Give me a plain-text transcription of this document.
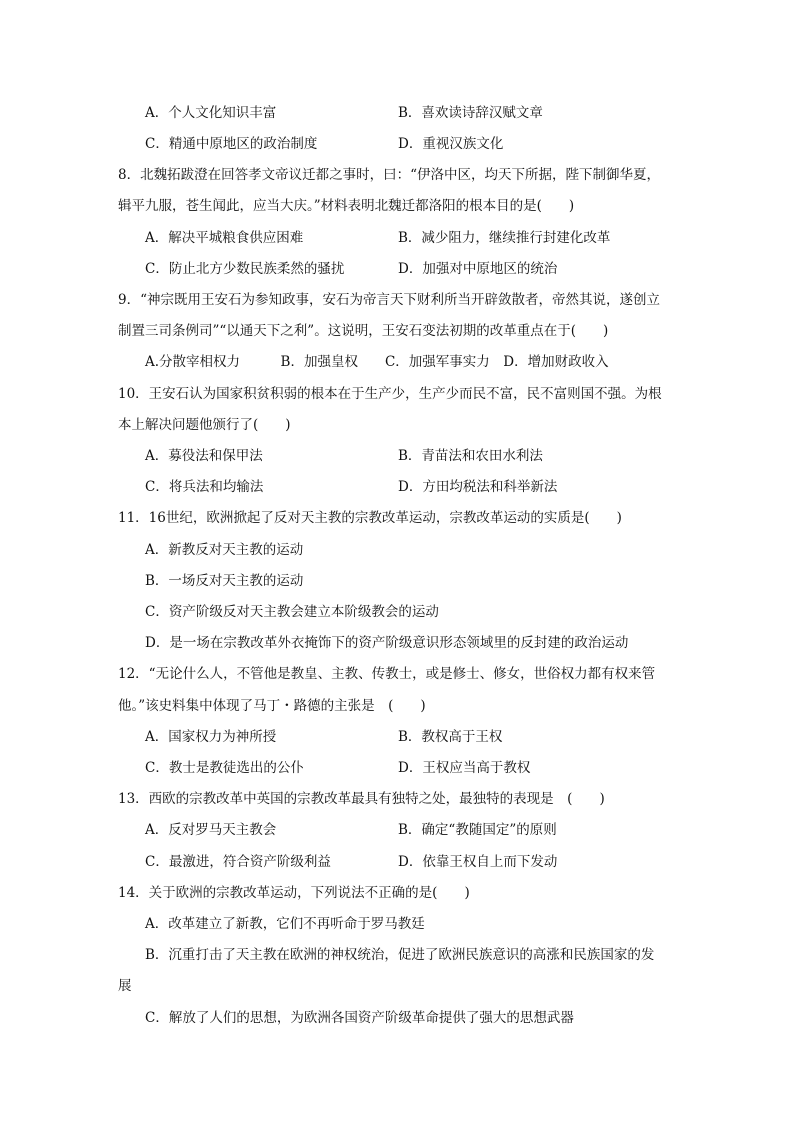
A．个人文化知识丰富	B．喜欢读诗辞汉赋文章
C．精通中原地区的政治制度	D．重视汉族文化
8．北魏拓跋澄在回答孝文帝议迁都之事时，曰：“伊洛中区，均天下所据，陛下制御华夏，
辑平九服，苍生闻此，应当大庆。”材料表明北魏迁都洛阳的根本目的是(　　)
A．解决平城粮食供应困难	B．减少阻力，继续推行封建化改革
C．防止北方少数民族柔然的骚扰	D．加强对中原地区的统治
9．“神宗既用王安石为参知政事，安石为帝言天下财利所当开辟敛散者，帝然其说，遂创立
制置三司条例司”“以通天下之利”。这说明，王安石变法初期的改革重点在于(　　)
A.分散宰相权力　　　B．加强皇权　　C．加强军事实力　D．增加财政收入
10．王安石认为国家积贫积弱的根本在于生产少，生产少而民不富，民不富则国不强。为根
本上解决问题他颁行了(　　)
A．募役法和保甲法	B．青苗法和农田水利法
C．将兵法和均输法	D．方田均税法和科举新法
11．16世纪，欧洲掀起了反对天主教的宗教改革运动，宗教改革运动的实质是(　　)
A．新教反对天主教的运动
B．一场反对天主教的运动
C．资产阶级反对天主教会建立本阶级教会的运动
D．是一场在宗教改革外衣掩饰下的资产阶级意识形态领域里的反封建的政治运动
12．“无论什么人，不管他是教皇、主教、传教士，或是修士、修女，世俗权力都有权来管
他。”该史料集中体现了马丁・路德的主张是　(　　)
A．国家权力为神所授	B．教权高于王权
C．教士是教徒选出的公仆	D．王权应当高于教权
13．西欧的宗教改革中英国的宗教改革最具有独特之处，最独特的表现是　(　　)
A．反对罗马天主教会	B．确定“教随国定”的原则
C．最激进，符合资产阶级利益	D．依靠王权自上而下发动
14．关于欧洲的宗教改革运动，下列说法不正确的是(　　)
A．改革建立了新教，它们不再听命于罗马教廷
B．沉重打击了天主教在欧洲的神权统治，促进了欧洲民族意识的高涨和民族国家的发
展
C．解放了人们的思想，为欧洲各国资产阶级革命提供了强大的思想武器
